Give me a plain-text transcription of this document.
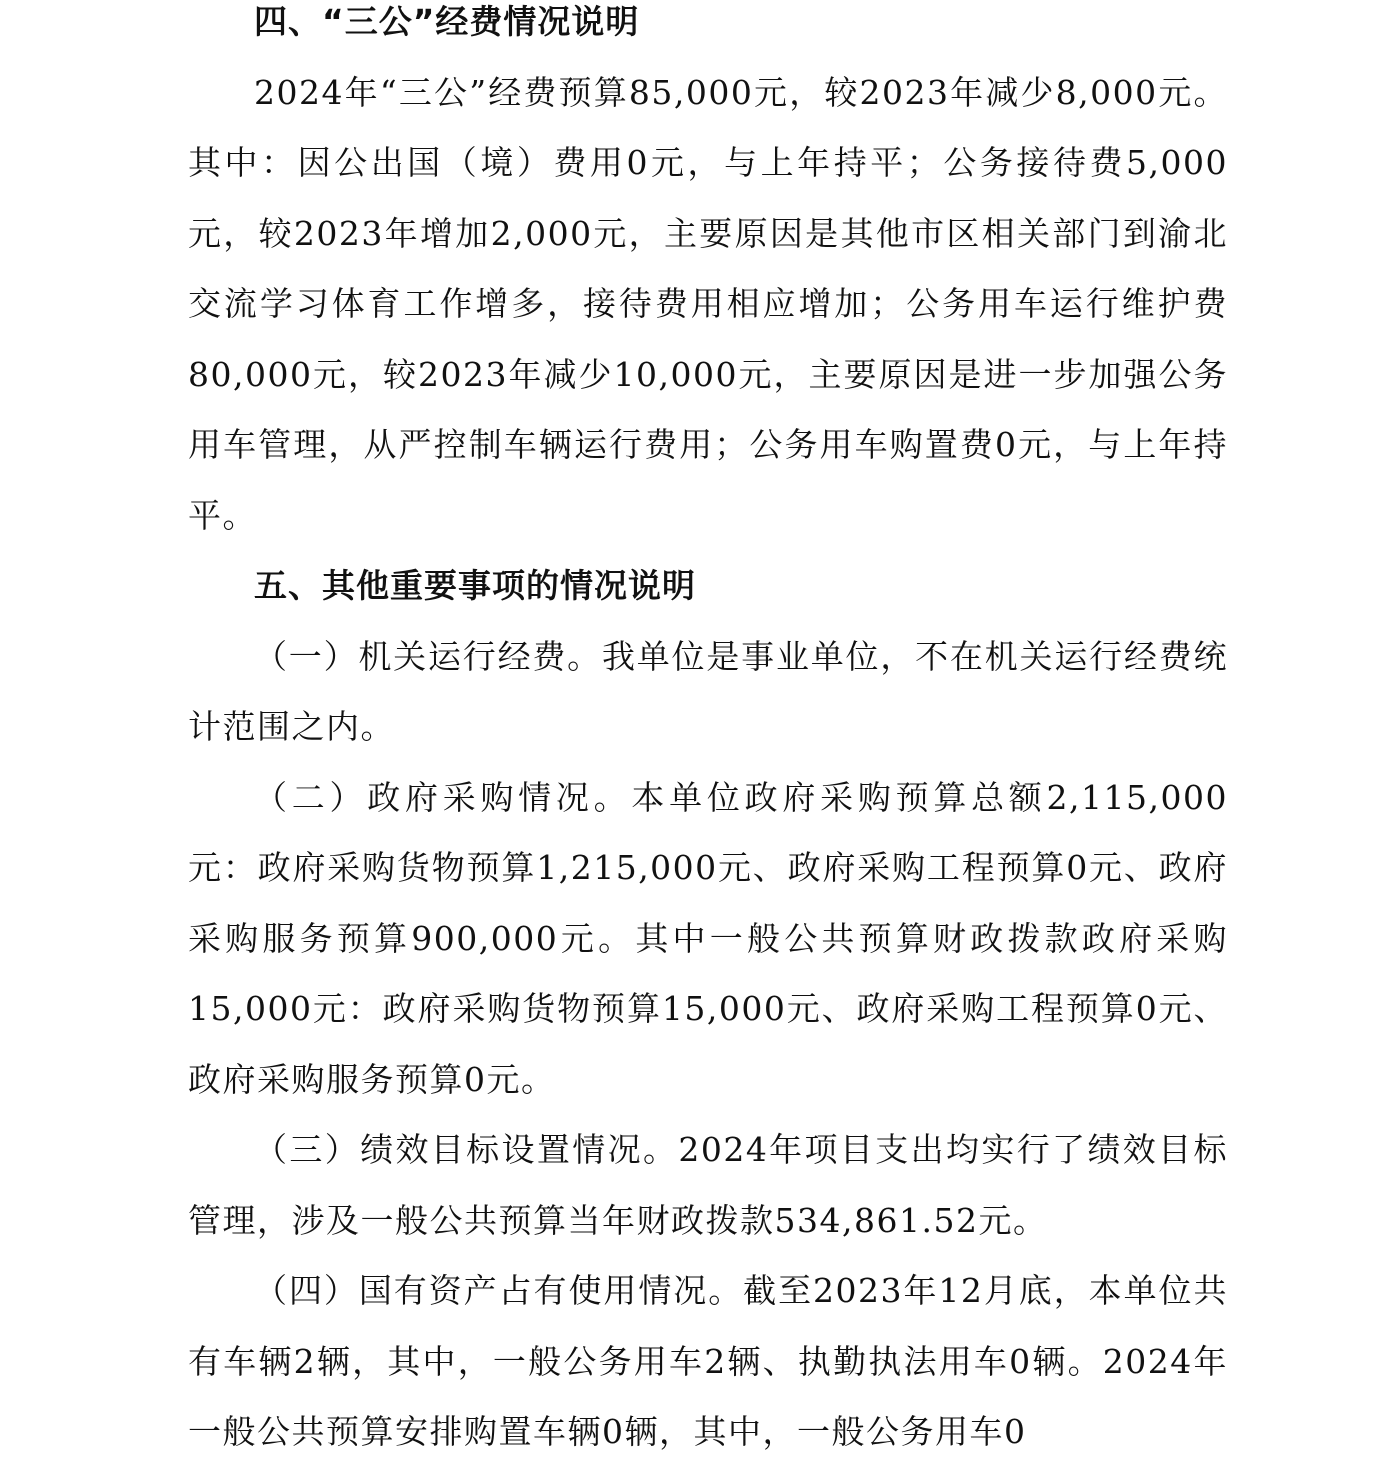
四、“三公”经费情况说明

2024年“三公”经费预算85,000元，较2023年减少8,000元。其中：因公出国（境）费用0元，与上年持平；公务接待费5,000元，较2023年增加2,000元，主要原因是其他市区相关部门到渝北交流学习体育工作增多，接待费用相应增加；公务用车运行维护费80,000元，较2023年减少10,000元，主要原因是进一步加强公务用车管理，从严控制车辆运行费用；公务用车购置费0元，与上年持平。

五、其他重要事项的情况说明

（一）机关运行经费。我单位是事业单位，不在机关运行经费统计范围之内。

（二）政府采购情况。本单位政府采购预算总额2,115,000元：政府采购货物预算1,215,000元、政府采购工程预算0元、政府采购服务预算900,000元。其中一般公共预算财政拨款政府采购15,000元：政府采购货物预算15,000元、政府采购工程预算0元、政府采购服务预算0元。

（三）绩效目标设置情况。2024年项目支出均实行了绩效目标管理，涉及一般公共预算当年财政拨款534,861.52元。

（四）国有资产占有使用情况。截至2023年12月底，本单位共有车辆2辆，其中，一般公务用车2辆、执勤执法用车0辆。2024年一般公共预算安排购置车辆0辆，其中，一般公务用车0
